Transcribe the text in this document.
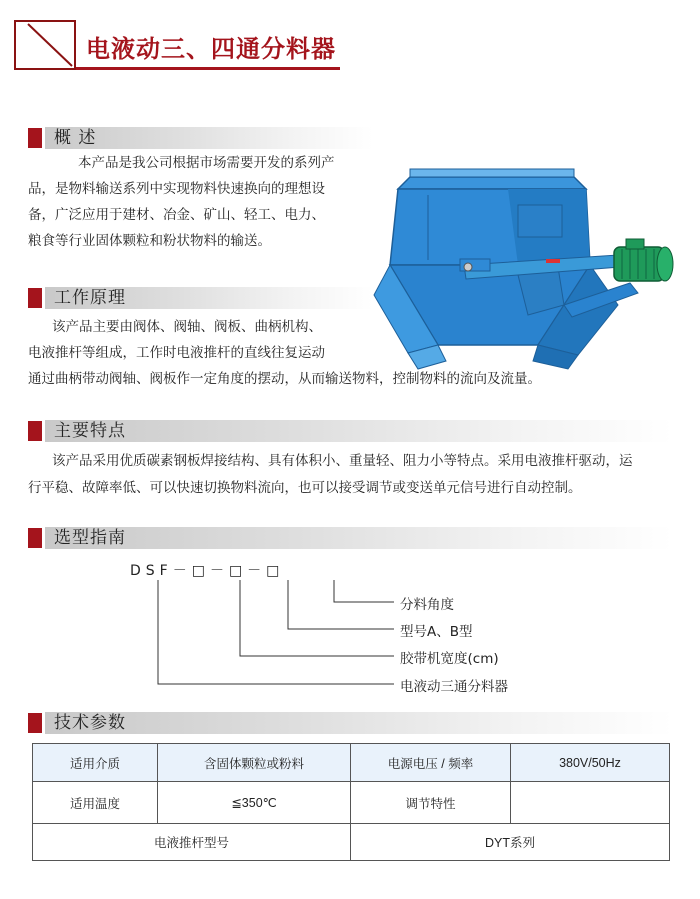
电液动三、四通分料器
概 述
本产品是我公司根据市场需要开发的系列产
品，是物料输送系列中实现物料快速换向的理想设
备，广泛应用于建材、冶金、矿山、轻工、电力、
粮食等行业固体颗粒和粉状物料的输送。
工作原理
该产品主要由阀体、阀轴、阀板、曲柄机构、
电液推杆等组成，工作时电液推杆的直线往复运动
通过曲柄带动阀轴、阀板作一定角度的摆动，从而输送物料，控制物料的流向及流量。
主要特点
该产品采用优质碳素钢板焊接结构、具有体积小、重量轻、阻力小等特点。采用电液推杆驱动，运
行平稳、故障率低、可以快速切换物料流向，也可以接受调节或变送单元信号进行自动控制。
选型指南
DSF－□－□－□
分料角度
型号A、B型
胶带机宽度(cm)
电液动三通分料器
技术参数
适用介质	含固体颗粒或粉料	电源电压 / 频率	380V/50Hz
适用温度	≦350℃	调节特性	
电液推杆型号		DYT系列	
